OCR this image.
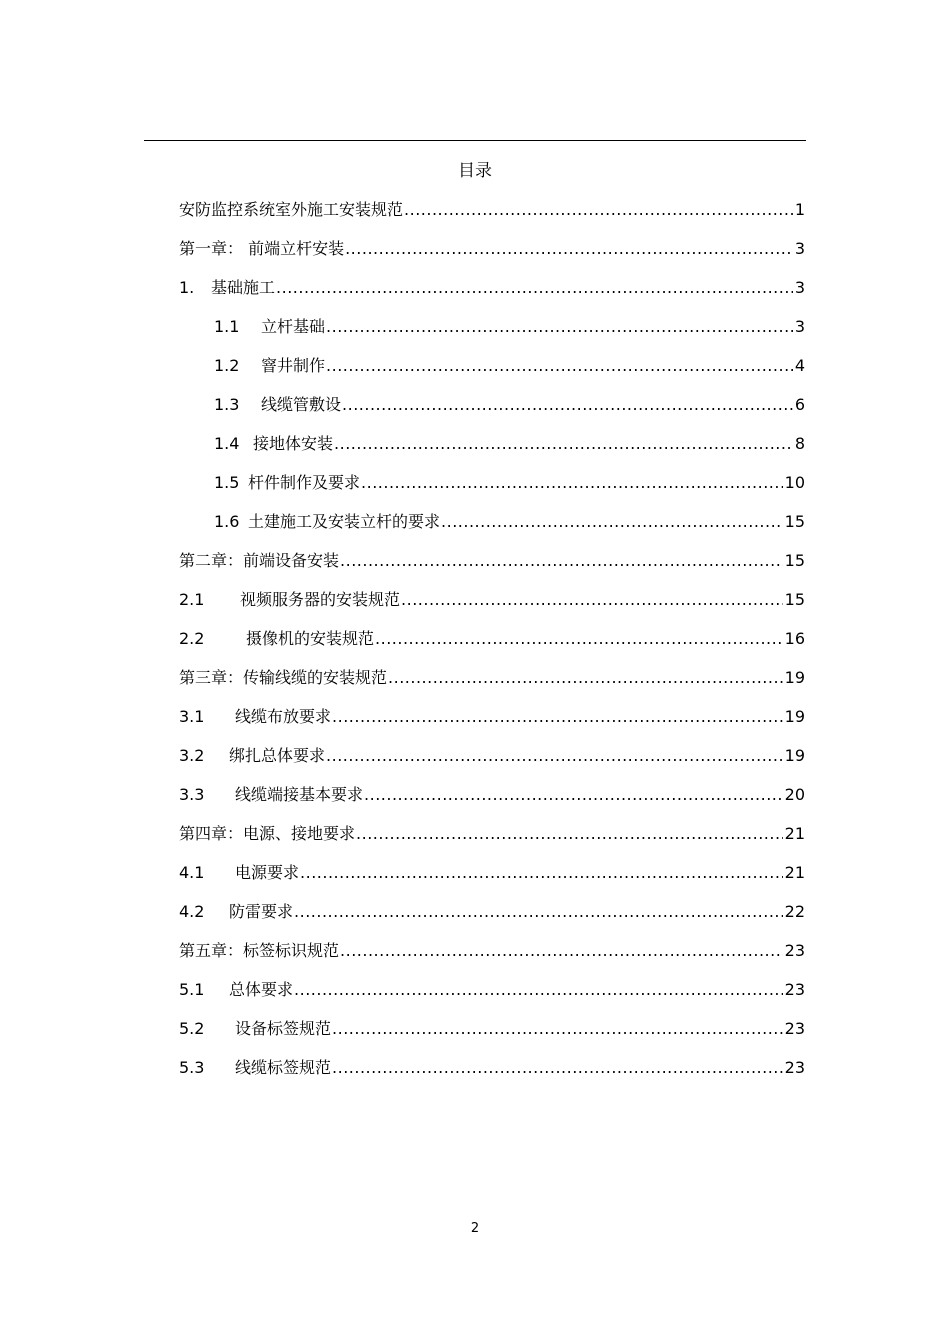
目录
安防监控系统室外施工安装规范 .....	1
第一章： 前端立杆安装 .....	3
1.	基础施工 .....	3
1.1	立杆基础 .....	3
1.2	窨井制作 .....	4
1.3	线缆管敷设 .....	6
1.4 接地体安装 .....	8
1.5 杆件制作及要求 .....	10
1.6 土建施工及安装立杆的要求 .....	15
第二章：前端设备安装 .....	15
2.1	视频服务器的安装规范 .....	15
2.2	摄像机的安装规范 .....	16
第三章：传输线缆的安装规范 .....	19
3.1	线缆布放要求 .....	19
3.2	绑扎总体要求 .....	19
3.3	线缆端接基本要求 .....	20
第四章：电源、接地要求 .....	21
4.1	电源要求 .....	21
4.2	防雷要求 .....	22
第五章：标签标识规范 .....	23
5.1	总体要求 .....	23
5.2	设备标签规范 .....	23
5.3	线缆标签规范 .....	23
2
